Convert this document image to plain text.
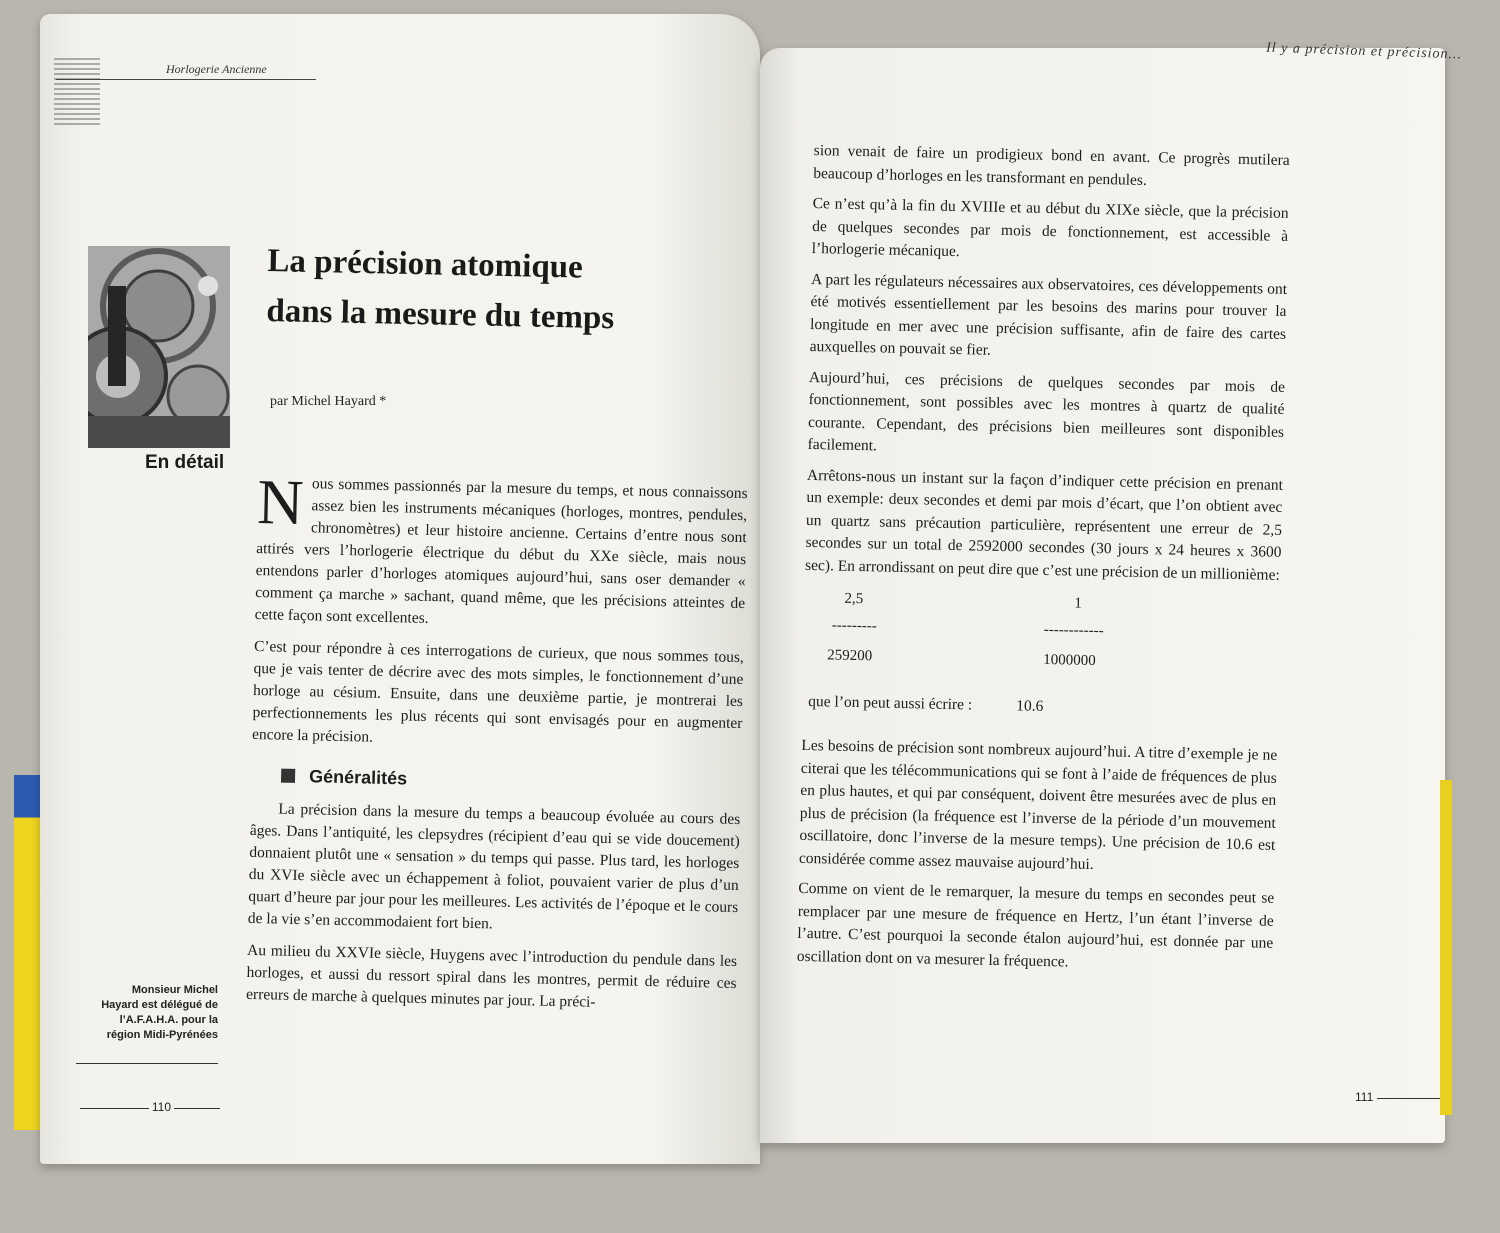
Horlogerie Ancienne
En détail
La précision atomique
dans la mesure du temps
par Michel Hayard *

Nous sommes passionnés par la mesure du temps, et nous connaissons assez bien les instruments mécaniques (horloges, montres, pendules, chronomètres) et leur histoire ancienne. Certains d’entre nous sont attirés vers l’horlogerie électrique du début du XXe siècle, mais nous entendons parler d’horloges atomiques aujourd’hui, sans oser demander « comment ça marche » sachant, quand même, que les précisions atteintes de cette façon sont excellentes.

C’est pour répondre à ces interrogations de curieux, que nous sommes tous, que je vais tenter de décrire avec des mots simples, le fonctionnement d’une horloge au césium. Ensuite, dans une deuxième partie, je montrerai les perfectionnements les plus récents qui sont envisagés pour en augmenter encore la précision.

Généralités

La précision dans la mesure du temps a beaucoup évoluée au cours des âges. Dans l’antiquité, les clepsydres (récipient d’eau qui se vide doucement) donnaient plutôt une « sensation » du temps qui passe. Plus tard, les horloges du XVIe siècle avec un échappement à foliot, pouvaient varier de plus d’un quart d’heure par jour pour les meilleures. Les activités de l’époque et le cours de la vie s’en accommodaient fort bien.

Au milieu du XXVIe siècle, Huygens avec l’introduction du pendule dans les horloges, et aussi du ressort spiral dans les montres, permit de réduire ces erreurs de marche à quelques minutes par jour. La préci-

Monsieur Michel Hayard est délégué de l’A.F.A.H.A. pour la région Midi-Pyrénées
110
Il y a précision et précision...

sion venait de faire un prodigieux bond en avant. Ce progrès mutilera beaucoup d’horloges en les transformant en pendules.

Ce n’est qu’à la fin du XVIIIe et au début du XIXe siècle, que la précision de quelques secondes par mois de fonctionnement, est accessible à l’horlogerie mécanique.

A part les régulateurs nécessaires aux observatoires, ces développements ont été motivés essentiellement par les besoins des marins pour trouver la longitude en mer avec une précision suffisante, afin de faire des cartes auxquelles on pouvait se fier.

Aujourd’hui, ces précisions de quelques secondes par mois de fonctionnement, sont possibles avec les montres à quartz de qualité courante. Cependant, des précisions bien meilleures sont disponibles facilement.

Arrêtons-nous un instant sur la façon d’indiquer cette précision en prenant un exemple: deux secondes et demi par mois d’écart, que l’on obtient avec un quartz sans précaution particulière, représentent une erreur de 2,5 secondes sur un total de 2592000 secondes (30 jours x 24 heures x 3600 sec). En arrondissant on peut dire que c’est une précision de un millionième:

2,5	1
---------	------------
259200	1000000
que l’on peut aussi écrire :	10.6

Les besoins de précision sont nombreux aujourd’hui. A titre d’exemple je ne citerai que les télécommunications qui se font à l’aide de fréquences de plus en plus hautes, et qui par conséquent, doivent être mesurées avec de plus en plus de précision (la fréquence est l’inverse de la période d’un mouvement oscillatoire, donc l’inverse de la mesure temps). Une précision de 10.6 est considérée comme assez mauvaise aujourd’hui.

Comme on vient de le remarquer, la mesure du temps en secondes peut se remplacer par une mesure de fréquence en Hertz, l’un étant l’inverse de l’autre. C’est pourquoi la seconde étalon aujourd’hui, est donnée par une oscillation dont on va mesurer la fréquence.

111
